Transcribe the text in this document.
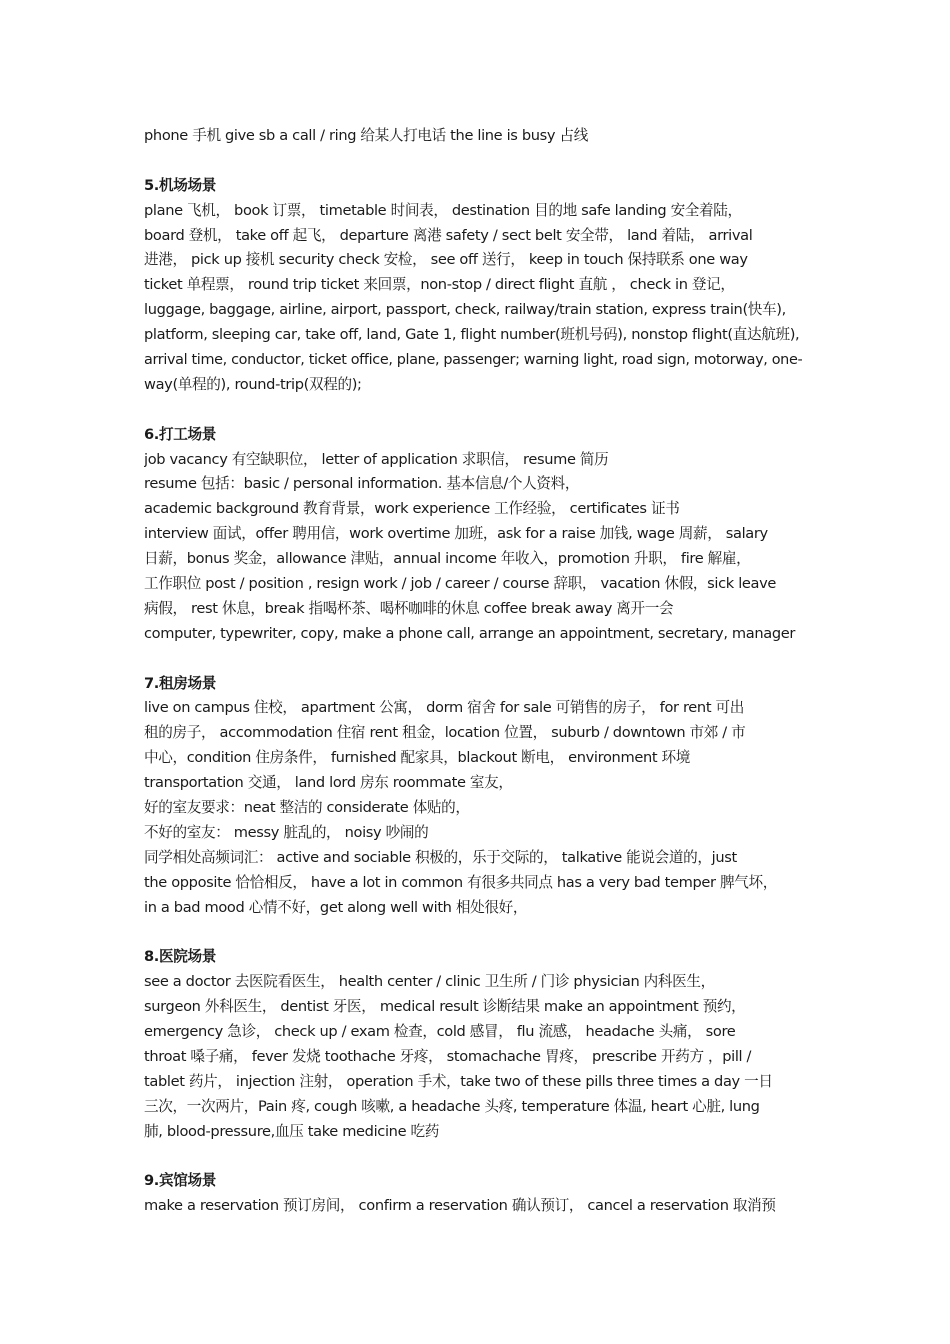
phone 手机 give sb a call / ring 给某人打电话 the line is busy 占线
5.机场场景
plane 飞机， book 订票， timetable 时间表， destination 目的地 safe landing 安全着陆，
board 登机， take off 起飞， departure 离港 safety / sect belt 安全带， land 着陆， arrival
进港， pick up 接机 security check 安检， see off 送行， keep in touch 保持联系 one way
ticket 单程票， round trip ticket 来回票，non-stop / direct flight 直航 ， check in 登记，
luggage, baggage, airline, airport, passport, check, railway/train station, express train(快车),
platform, sleeping car, take off, land, Gate 1, flight number(班机号码), nonstop flight(直达航班),
arrival time, conductor, ticket office, plane, passenger; warning light, road sign, motorway, one-
way(单程的), round-trip(双程的);
6.打工场景
job vacancy 有空缺职位， letter of application 求职信， resume 简历
resume 包括：basic / personal information. 基本信息/个人资料，
academic background 教育背景，work experience 工作经验， certificates 证书
interview 面试，offer 聘用信，work overtime 加班，ask for a raise 加钱, wage 周薪， salary
日薪，bonus 奖金，allowance 津贴，annual income 年收入，promotion 升职， fire 解雇，
工作职位 post / position , resign work / job / career / course 辞职， vacation 休假，sick leave
病假， rest 休息，break 指喝杯茶、喝杯咖啡的休息 coffee break away 离开一会
computer, typewriter, copy, make a phone call, arrange an appointment, secretary, manager
7.租房场景
live on campus 住校， apartment 公寓， dorm 宿舍 for sale 可销售的房子， for rent 可出
租的房子， accommodation 住宿 rent 租金，location 位置， suburb / downtown 市郊 / 市
中心，condition 住房条件， furnished 配家具，blackout 断电， environment 环境
transportation 交通， land lord 房东 roommate 室友，
好的室友要求：neat 整洁的 considerate 体贴的，
不好的室友： messy 脏乱的， noisy 吵闹的
同学相处高频词汇： active and sociable 积极的，乐于交际的， talkative 能说会道的，just
the opposite 恰恰相反， have a lot in common 有很多共同点 has a very bad temper 脾气坏，
in a bad mood 心情不好，get along well with 相处很好，
8.医院场景
see a doctor 去医院看医生， health center / clinic 卫生所 / 门诊 physician 内科医生，
surgeon 外科医生， dentist 牙医， medical result 诊断结果 make an appointment 预约，
emergency 急诊， check up / exam 检查，cold 感冒， flu 流感， headache 头痛， sore
throat 嗓子痛， fever 发烧 toothache 牙疼， stomachache 胃疼， prescribe 开药方 ，pill /
tablet 药片， injection 注射， operation 手术，take two of these pills three times a day 一日
三次，一次两片，Pain 疼, cough 咳嗽, a headache 头疼, temperature 体温, heart 心脏, lung
肺, blood-pressure,血压 take medicine 吃药
9.宾馆场景
make a reservation 预订房间， confirm a reservation 确认预订， cancel a reservation 取消预
